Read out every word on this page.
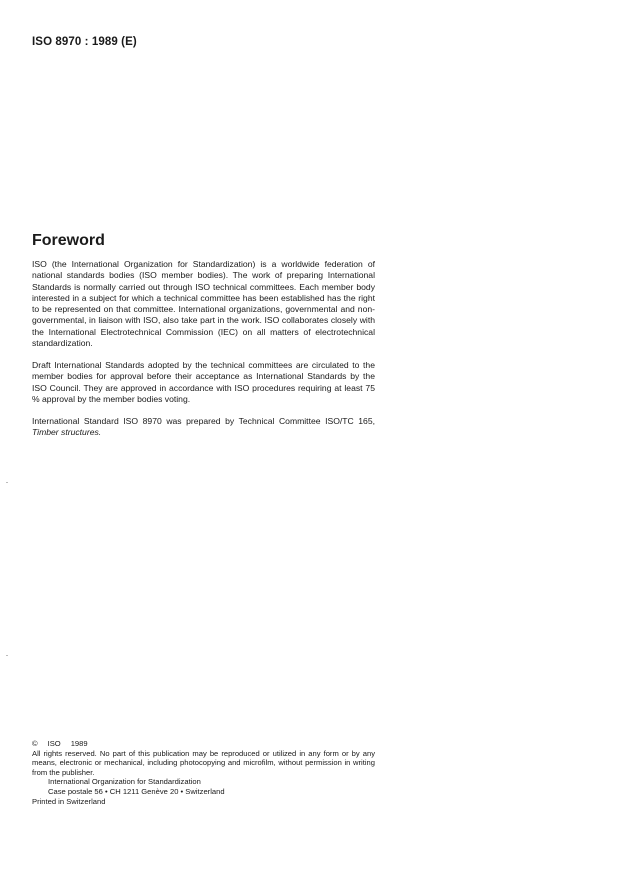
ISO 8970 : 1989 (E)
Foreword

ISO (the International Organization for Standardization) is a worldwide federation of national standards bodies (ISO member bodies). The work of preparing International Standards is normally carried out through ISO technical committees. Each member body interested in a subject for which a technical committee has been established has the right to be represented on that committee. International organizations, governmental and non-governmental, in liaison with ISO, also take part in the work. ISO collaborates closely with the International Electrotechnical Commission (IEC) on all matters of electrotechnical standardization.

Draft International Standards adopted by the technical committees are circulated to the member bodies for approval before their acceptance as International Standards by the ISO Council. They are approved in accordance with ISO procedures requiring at least 75 % approval by the member bodies voting.

International Standard ISO 8970 was prepared by Technical Committee ISO/TC 165, Timber structures.

© ISO 1989
All rights reserved. No part of this publication may be reproduced or utilized in any form or by any means, electronic or mechanical, including photocopying and microfilm, without permission in writing from the publisher.
International Organization for Standardization
Case postale 56 • CH 1211 Genève 20 • Switzerland
Printed in Switzerland
